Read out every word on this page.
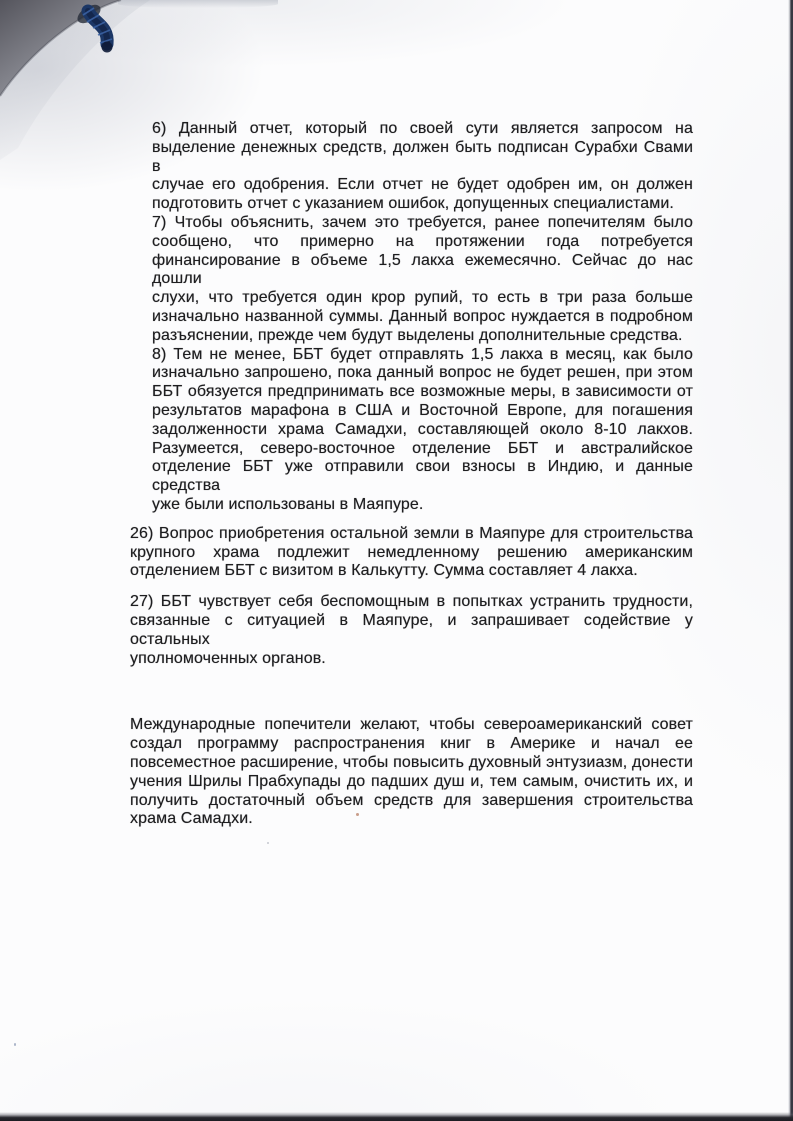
6) Данный отчет, который по своей сути является запросом на
выделение денежных средств, должен быть подписан Сурабхи Свами в
случае его одобрения. Если отчет не будет одобрен им, он должен
подготовить отчет с указанием ошибок, допущенных специалистами.
7) Чтобы объяснить, зачем это требуется, ранее попечителям было
сообщено, что примерно на протяжении года потребуется
финансирование в объеме 1,5 лакха ежемесячно. Сейчас до нас дошли
слухи, что требуется один крор рупий, то есть в три раза больше
изначально названной суммы. Данный вопрос нуждается в подробном
разъяснении, прежде чем будут выделены дополнительные средства.
8) Тем не менее, ББТ будет отправлять 1,5 лакха в месяц, как было
изначально запрошено, пока данный вопрос не будет решен, при этом
ББТ обязуется предпринимать все возможные меры, в зависимости от
результатов марафона в США и Восточной Европе, для погашения
задолженности храма Самадхи, составляющей около 8-10 лакхов.
Разумеется, северо-восточное отделение ББТ и австралийское
отделение ББТ уже отправили свои взносы в Индию, и данные средства
уже были использованы в Маяпуре.
26) Вопрос приобретения остальной земли в Маяпуре для строительства
крупного храма подлежит немедленному решению американским
отделением ББТ с визитом в Калькутту. Сумма составляет 4 лакха.
27) ББТ чувствует себя беспомощным в попытках устранить трудности,
связанные с ситуацией в Маяпуре, и запрашивает содействие у остальных
уполномоченных органов.
Международные попечители желают, чтобы североамериканский совет
создал программу распространения книг в Америке и начал ее
повсеместное расширение, чтобы повысить духовный энтузиазм, донести
учения Шрилы Прабхупады до падших душ и, тем самым, очистить их, и
получить достаточный объем средств для завершения строительства
храма Самадхи.
